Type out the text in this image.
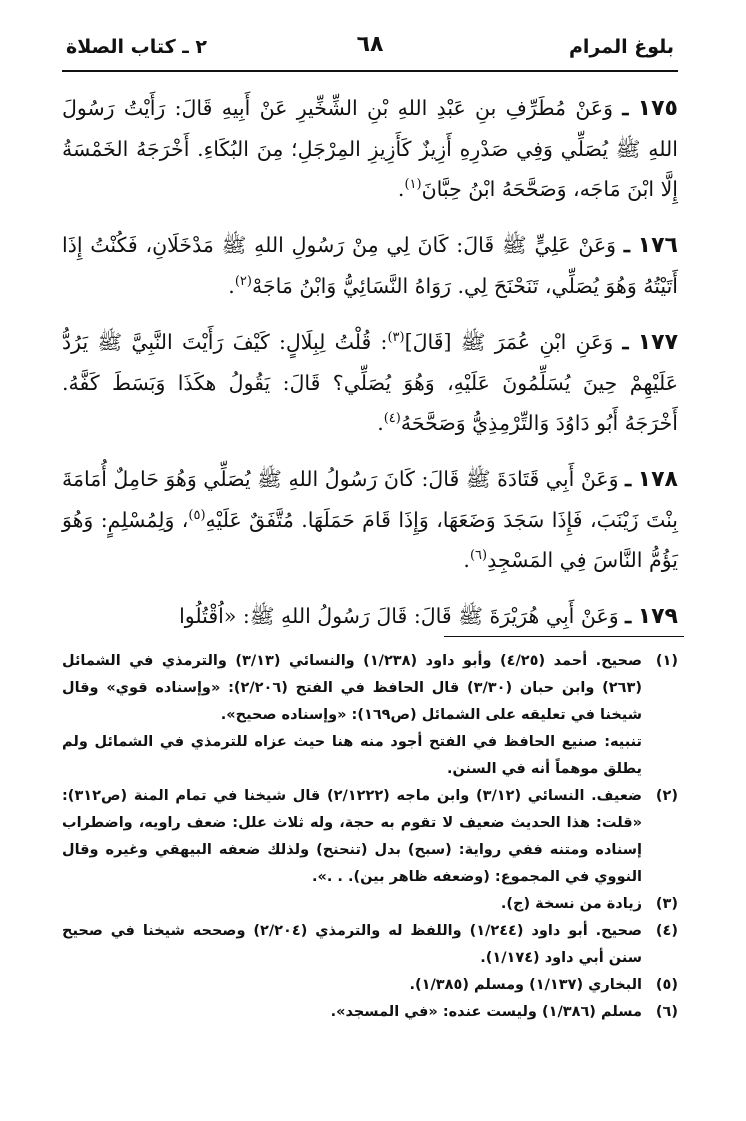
بلوغ المرام
٦٨
٢ ـ كتاب الصلاة

١٧٥ ـ وَعَنْ مُطَرِّفِ بنِ عَبْدِ اللهِ بْنِ الشِّخِّيرِ عَنْ أَبِيهِ قَالَ: رَأَيْتُ رَسُولَ اللهِ ﷺ يُصَلِّي وَفِي صَدْرِهِ أَزِيزٌ كَأَزِيزِ المِرْجَلِ؛ مِنَ البُكَاءِ. أَخْرَجَهُ الخَمْسَةُ إِلَّا ابْنَ مَاجَه، وَصَحَّحَهُ ابْنُ حِبَّانَ$^{(١)}$.

١٧٦ ـ وَعَنْ عَلِيٍّ ﷺ قَالَ: كَانَ لِي مِنْ رَسُولِ اللهِ ﷺ مَدْخَلَانِ، فَكُنْتُ إِذَا أَتَيْتُهُ وَهُوَ يُصَلِّي، تَنَحْنَحَ لِي. رَوَاهُ النَّسَائِيُّ وَابْنُ مَاجَهْ$^{(٢)}$.

١٧٧ ـ وَعَنِ ابْنِ عُمَرَ ﷺ [قَالَ]$^{(٣)}$: قُلْتُ لِبِلَالٍ: كَيْفَ رَأَيْتَ النَّبِيَّ ﷺ يَرُدُّ عَلَيْهِمْ حِينَ يُسَلِّمُونَ عَلَيْهِ، وَهُوَ يُصَلِّي؟ قَالَ: يَقُولُ هكَذَا وَبَسَطَ كَفَّهُ. أَخْرَجَهُ أَبُو دَاوُدَ وَالتِّرْمِذِيُّ وَصَحَّحَهُ$^{(٤)}$.

١٧٨ ـ وَعَنْ أَبِي قَتَادَةَ ﷺ قَالَ: كَانَ رَسُولُ اللهِ ﷺ يُصَلِّي وَهُوَ حَامِلٌ أُمَامَةَ بِنْتَ زَيْنَبَ، فَإِذَا سَجَدَ وَضَعَهَا، وَإِذَا قَامَ حَمَلَهَا. مُتَّفَقٌ عَلَيْهِ$^{(٥)}$، وَلِمُسْلِمٍ: وَهُوَ يَؤُمُّ النَّاسَ فِي المَسْجِدِ$^{(٦)}$.

١٧٩ ـ وَعَنْ أَبِي هُرَيْرَةَ ﷺ قَالَ: قَالَ رَسُولُ اللهِ ﷺ: «اُقْتُلُوا

(١)

صحيح. أحمد (٤/٢٥) وأبو داود (١/٢٣٨) والنسائي (٣/١٣) والترمذي في الشمائل (٢٦٣) وابن حبان (٣/٣٠) قال الحافظ في الفتح (٢/٢٠٦): «وإسناده قوي» وقال شيخنا في تعليقه على الشمائل (ص١٦٩): «وإسناده صحيح».

تنبيه: صنيع الحافظ في الفتح أجود منه هنا حيث عزاه للترمذي في الشمائل ولم يطلق موهماً أنه في السنن.

(٢)

ضعيف. النسائي (٣/١٢) وابن ماجه (٢/١٢٢٢) قال شيخنا في تمام المنة (ص٣١٢): «قلت: هذا الحديث ضعيف لا تقوم به حجة، وله ثلاث علل: ضعف راويه، واضطراب إسناده ومتنه ففي رواية: (سبح) بدل (تنحنح) ولذلك ضعفه البيهقي وغيره وقال النووي في المجموع: (وضعفه ظاهر بين). . .».

(٣)

زيادة من نسخة (ج).

(٤)

صحيح. أبو داود (١/٢٤٤) واللفظ له والترمذي (٢/٢٠٤) وصححه شيخنا في صحيح سنن أبي داود (١/١٧٤).

(٥)

البخاري (١/١٣٧) ومسلم (١/٣٨٥).

(٦)

مسلم (١/٣٨٦) وليست عنده: «في المسجد».
